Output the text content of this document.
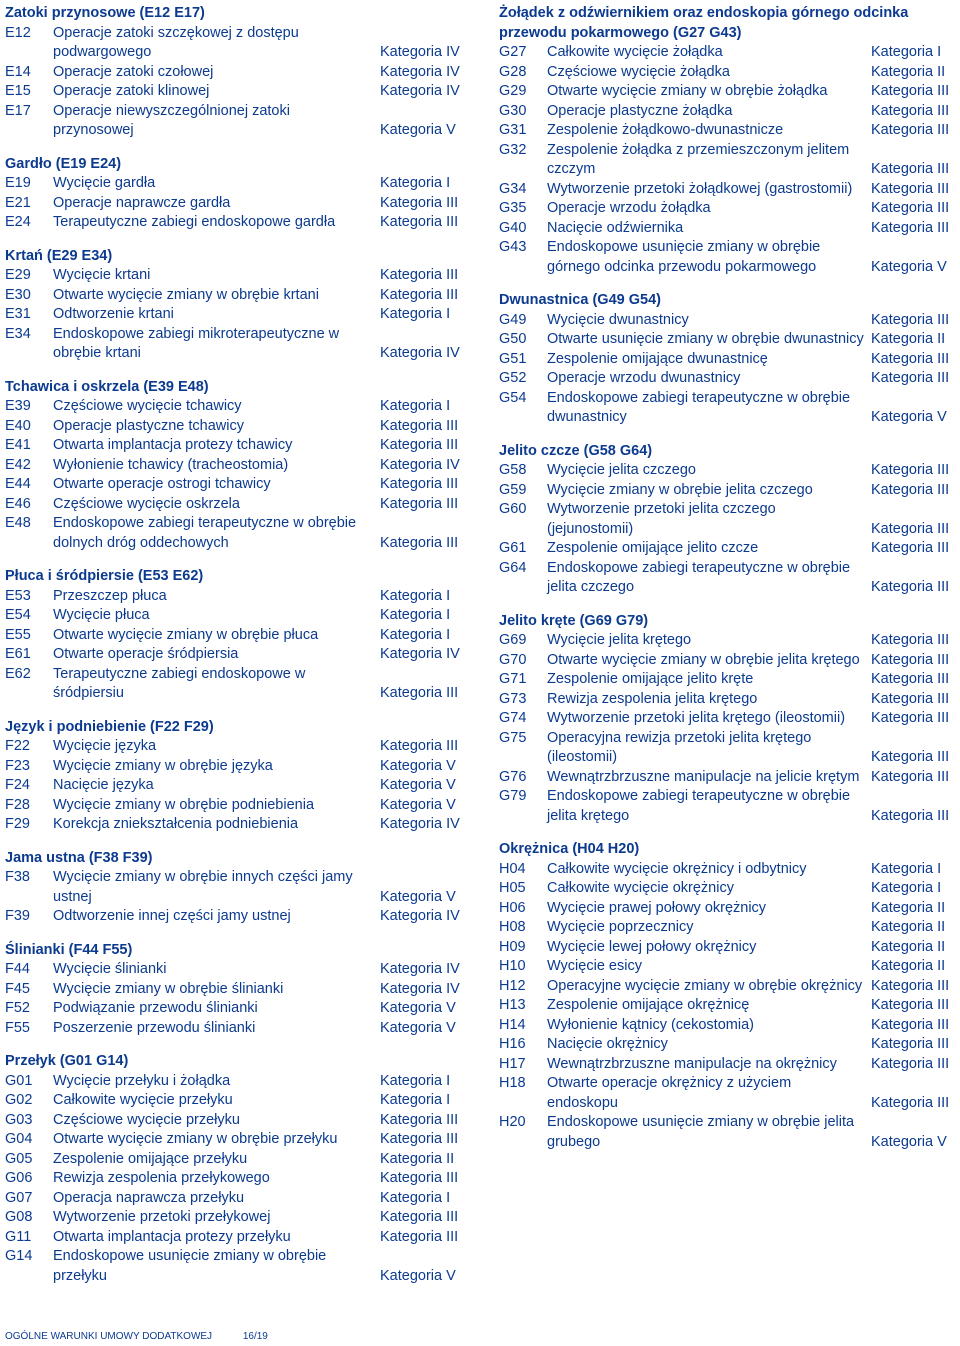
Zatoki przynosowe (E12 E17)
E12	Operacje zatoki szczękowej z dostępu podwargowego	Kategoria IV
E14	Operacje zatoki czołowej	Kategoria IV
E15	Operacje zatoki klinowej	Kategoria IV
E17	Operacje niewyszczególnionej zatoki przynosowej	Kategoria V
Gardło (E19 E24)
E19	Wycięcie gardła	Kategoria I
E21	Operacje naprawcze gardła	Kategoria III
E24	Terapeutyczne zabiegi endoskopowe gardła	Kategoria III
Krtań (E29 E34)
E29	Wycięcie krtani	Kategoria III
E30	Otwarte wycięcie zmiany w obrębie krtani	Kategoria III
E31	Odtworzenie krtani	Kategoria I
E34	Endoskopowe zabiegi mikroterapeutyczne w obrębie krtani	Kategoria IV
Tchawica i oskrzela (E39 E48)
E39	Częściowe wycięcie tchawicy	Kategoria I
E40	Operacje plastyczne tchawicy	Kategoria III
E41	Otwarta implantacja protezy tchawicy	Kategoria III
E42	Wyłonienie tchawicy (tracheostomia)	Kategoria IV
E44	Otwarte operacje ostrogi tchawicy	Kategoria III
E46	Częściowe wycięcie oskrzela	Kategoria III
E48	Endoskopowe zabiegi terapeutyczne w obrębie dolnych dróg oddechowych	Kategoria III
Płuca i śródpiersie (E53 E62)
E53	Przeszczep płuca	Kategoria I
E54	Wycięcie płuca	Kategoria I
E55	Otwarte wycięcie zmiany w obrębie płuca	Kategoria I
E61	Otwarte operacje śródpiersia	Kategoria IV
E62	Terapeutyczne zabiegi endoskopowe w śródpiersiu	Kategoria III
Język i podniebienie (F22 F29)
F22	Wycięcie języka	Kategoria III
F23	Wycięcie zmiany w obrębie języka	Kategoria V
F24	Nacięcie języka	Kategoria V
F28	Wycięcie zmiany w obrębie podniebienia	Kategoria V
F29	Korekcja zniekształcenia podniebienia	Kategoria IV
Jama ustna (F38 F39)
F38	Wycięcie zmiany w obrębie innych części jamy ustnej	Kategoria V
F39	Odtworzenie innej części jamy ustnej	Kategoria IV
Ślinianki (F44 F55)
F44	Wycięcie ślinianki	Kategoria IV
F45	Wycięcie zmiany w obrębie ślinianki	Kategoria IV
F52	Podwiązanie przewodu ślinianki	Kategoria V
F55	Poszerzenie przewodu ślinianki	Kategoria V
Przełyk (G01 G14)
G01	Wycięcie przełyku i żołądka	Kategoria I
G02	Całkowite wycięcie przełyku	Kategoria I
G03	Częściowe wycięcie przełyku	Kategoria III
G04	Otwarte wycięcie zmiany w obrębie przełyku	Kategoria III
G05	Zespolenie omijające przełyku	Kategoria II
G06	Rewizja zespolenia przełykowego	Kategoria III
G07	Operacja naprawcza przełyku	Kategoria I
G08	Wytworzenie przetoki przełykowej	Kategoria III
G11	Otwarta implantacja protezy przełyku	Kategoria III
G14	Endoskopowe usunięcie zmiany w obrębie przełyku	Kategoria V
Żołądek z odźwiernikiem oraz endoskopia górnego odcinka przewodu pokarmowego (G27 G43)
G27	Całkowite wycięcie żołądka	Kategoria I
G28	Częściowe wycięcie żołądka	Kategoria II
G29	Otwarte wycięcie zmiany w obrębie żołądka	Kategoria III
G30	Operacje plastyczne żołądka	Kategoria III
G31	Zespolenie żołądkowo-dwunastnicze	Kategoria III
G32	Zespolenie żołądka z przemieszczonym jelitem czczym	Kategoria III
G34	Wytworzenie przetoki żołądkowej (gastrostomii)	Kategoria III
G35	Operacje wrzodu żołądka	Kategoria III
G40	Nacięcie odźwiernika	Kategoria III
G43	Endoskopowe usunięcie zmiany w obrębie górnego odcinka przewodu pokarmowego	Kategoria V
Dwunastnica (G49 G54)
G49	Wycięcie dwunastnicy	Kategoria III
G50	Otwarte usunięcie zmiany w obrębie dwunastnicy Kategoria II
G51	Zespolenie omijające dwunastnicę	Kategoria III
G52	Operacje wrzodu dwunastnicy	Kategoria III
G54	Endoskopowe zabiegi terapeutyczne w obrębie dwunastnicy	Kategoria V
Jelito czcze (G58 G64)
G58	Wycięcie jelita czczego	Kategoria III
G59	Wycięcie zmiany w obrębie jelita czczego	Kategoria III
G60	Wytworzenie przetoki jelita czczego (jejunostomii)	Kategoria III
G61	Zespolenie omijające jelito czcze	Kategoria III
G64	Endoskopowe zabiegi terapeutyczne w obrębie jelita czczego	Kategoria III
Jelito kręte (G69 G79)
G69	Wycięcie jelita krętego	Kategoria III
G70	Otwarte wycięcie zmiany w obrębie jelita krętego Kategoria III
G71	Zespolenie omijające jelito kręte	Kategoria III
G73	Rewizja zespolenia jelita krętego	Kategoria III
G74	Wytworzenie przetoki jelita krętego (ileostomii)	Kategoria III
G75	Operacyjna rewizja przetoki jelita krętego (ileostomii)	Kategoria III
G76	Wewnątrzbrzuszne manipulacje na jelicie krętym Kategoria III
G79	Endoskopowe zabiegi terapeutyczne w obrębie jelita krętego	Kategoria III
Okrężnica (H04 H20)
H04	Całkowite wycięcie okrężnicy i odbytnicy	Kategoria I
H05	Całkowite wycięcie okrężnicy	Kategoria I
H06	Wycięcie prawej połowy okrężnicy	Kategoria II
H08	Wycięcie poprzecznicy	Kategoria II
H09	Wycięcie lewej połowy okrężnicy	Kategoria II
H10	Wycięcie esicy	Kategoria II
H12	Operacyjne wycięcie zmiany w obrębie okrężnicy Kategoria III
H13	Zespolenie omijające okrężnicę	Kategoria III
H14	Wyłonienie kątnicy (cekostomia)	Kategoria III
H16	Nacięcie okrężnicy	Kategoria III
H17	Wewnątrzbrzuszne manipulacje na okrężnicy	Kategoria III
H18	Otwarte operacje okrężnicy z użyciem endoskopu	Kategoria III
H20	Endoskopowe usunięcie zmiany w obrębie jelita grubego	Kategoria V
OGÓLNE WARUNKI UMOWY DODATKOWEJ	16/19
